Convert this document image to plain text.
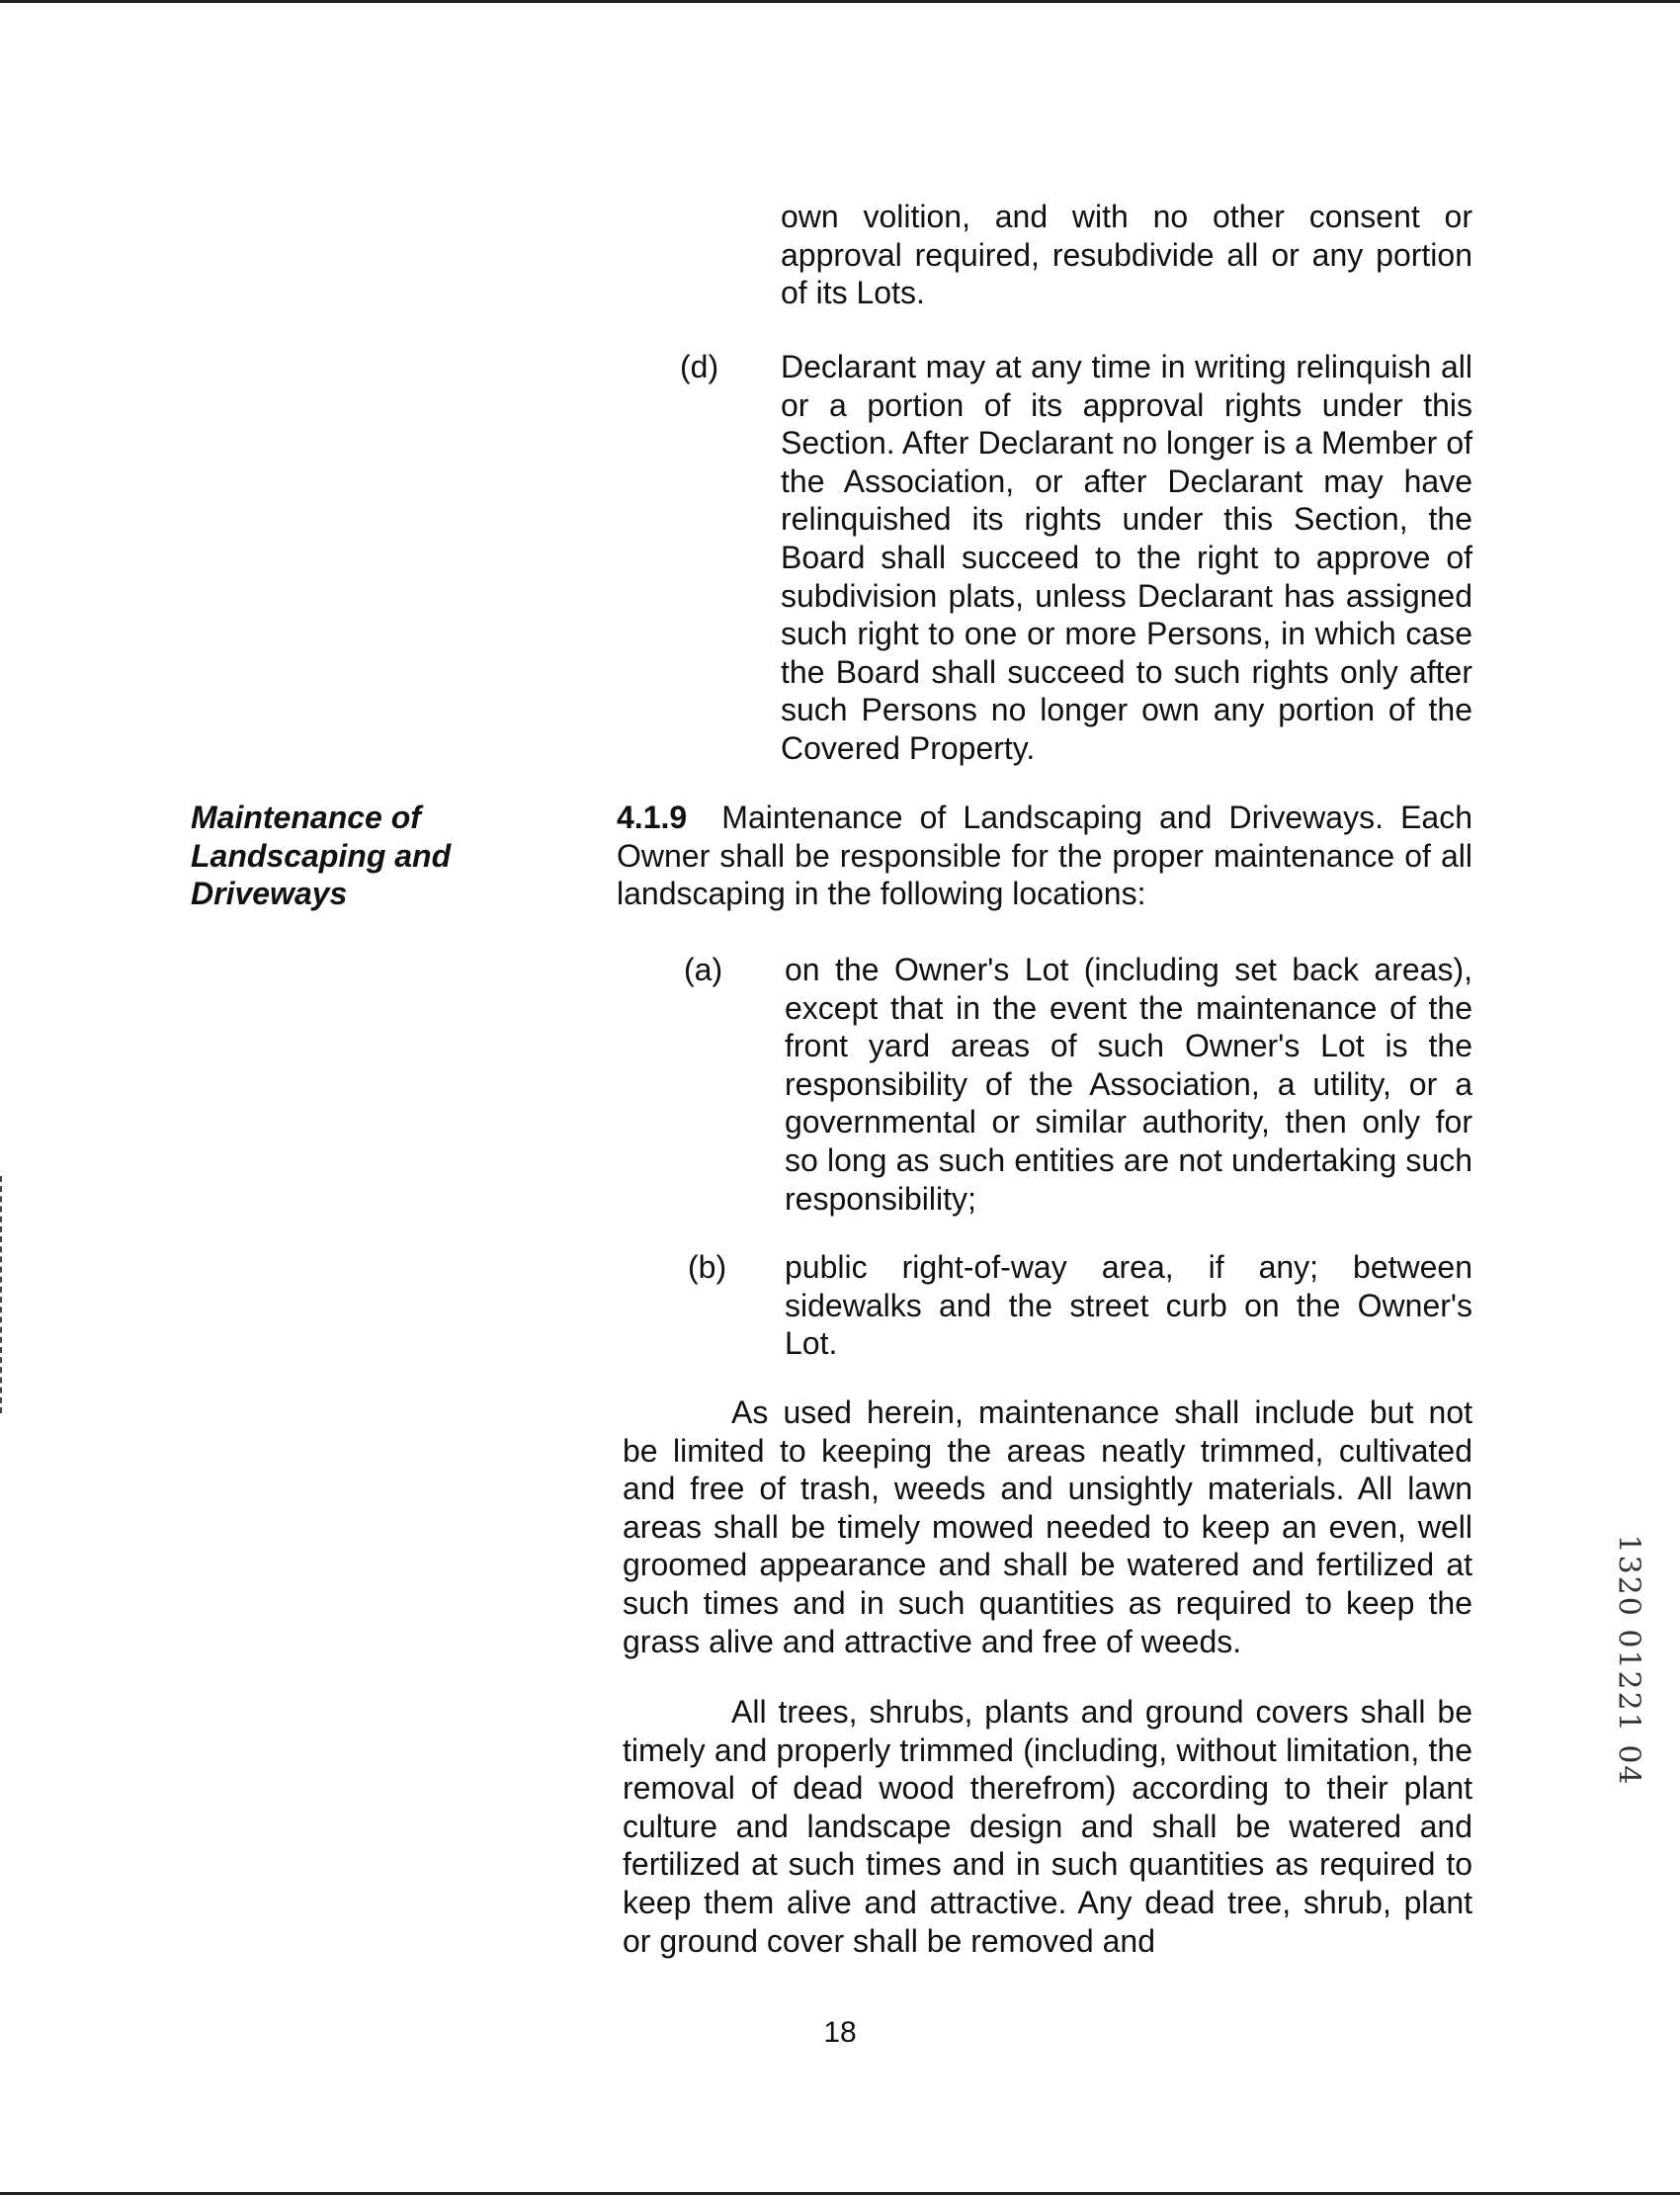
own volition, and with no other consent or approval required, resubdivide all or any portion of its Lots.
(d) Declarant may at any time in writing relinquish all or a portion of its approval rights under this Section. After Declarant no longer is a Member of the Association, or after Declarant may have relinquished its rights under this Section, the Board shall succeed to the right to approve of subdivision plats, unless Declarant has assigned such right to one or more Persons, in which case the Board shall succeed to such rights only after such Persons no longer own any portion of the Covered Property.
Maintenance of Landscaping and Driveways
4.1.9 Maintenance of Landscaping and Driveways. Each Owner shall be responsible for the proper maintenance of all landscaping in the following locations:
(a) on the Owner's Lot (including set back areas), except that in the event the maintenance of the front yard areas of such Owner's Lot is the responsibility of the Association, a utility, or a governmental or similar authority, then only for so long as such entities are not undertaking such responsibility;
(b) public right-of-way area, if any; between sidewalks and the street curb on the Owner's Lot.
As used herein, maintenance shall include but not be limited to keeping the areas neatly trimmed, cultivated and free of trash, weeds and unsightly materials. All lawn areas shall be timely mowed needed to keep an even, well groomed appearance and shall be watered and fertilized at such times and in such quantities as required to keep the grass alive and attractive and free of weeds.
All trees, shrubs, plants and ground covers shall be timely and properly trimmed (including, without limitation, the removal of dead wood therefrom) according to their plant culture and landscape design and shall be watered and fertilized at such times and in such quantities as required to keep them alive and attractive. Any dead tree, shrub, plant or ground cover shall be removed and
18
1320 01221 04
